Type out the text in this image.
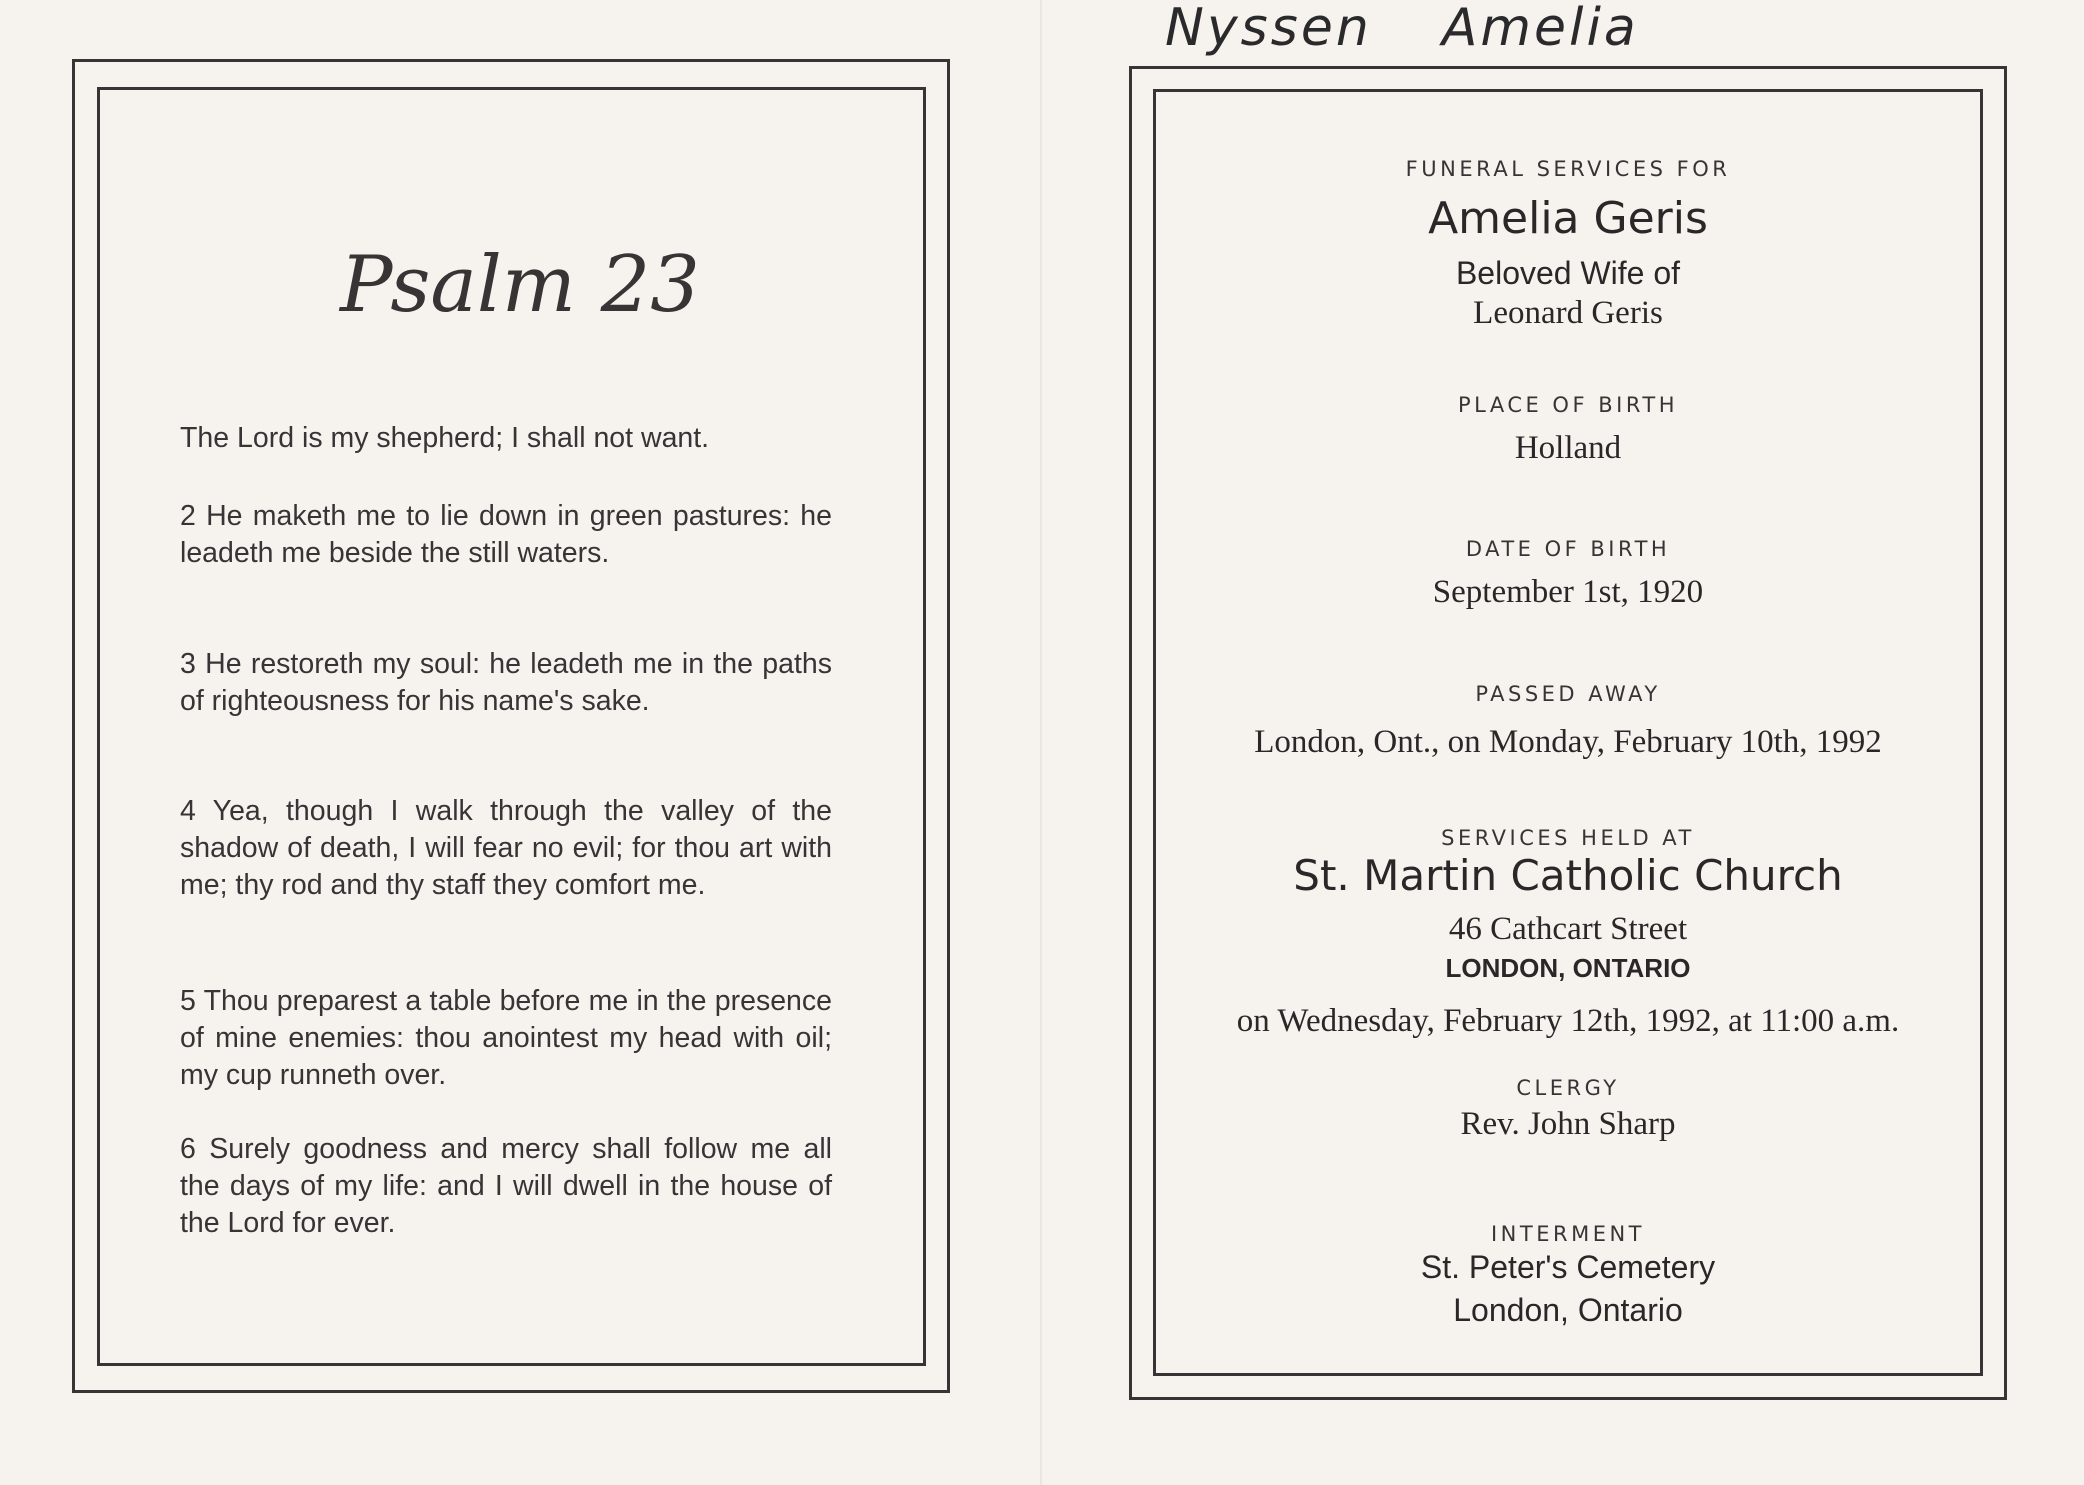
Nyssen Amelia
Psalm 23
The Lord is my shepherd; I shall not want.
2 He maketh me to lie down in green pastures: he leadeth me beside the still waters.
3 He restoreth my soul: he leadeth me in the paths of righteousness for his name's sake.
4 Yea, though I walk through the valley of the shadow of death, I will fear no evil; for thou art with me; thy rod and thy staff they comfort me.
5 Thou preparest a table before me in the presence of mine enemies: thou anointest my head with oil; my cup runneth over.
6 Surely goodness and mercy shall follow me all the days of my life: and I will dwell in the house of the Lord for ever.
FUNERAL SERVICES FOR
Amelia Geris
Beloved Wife of
Leonard Geris
PLACE OF BIRTH
Holland
DATE OF BIRTH
September 1st, 1920
PASSED AWAY
London, Ont., on Monday, February 10th, 1992
SERVICES HELD AT
St. Martin Catholic Church
46 Cathcart Street
LONDON, ONTARIO
on Wednesday, February 12th, 1992, at 11:00 a.m.
CLERGY
Rev. John Sharp
INTERMENT
St. Peter's Cemetery
London, Ontario
